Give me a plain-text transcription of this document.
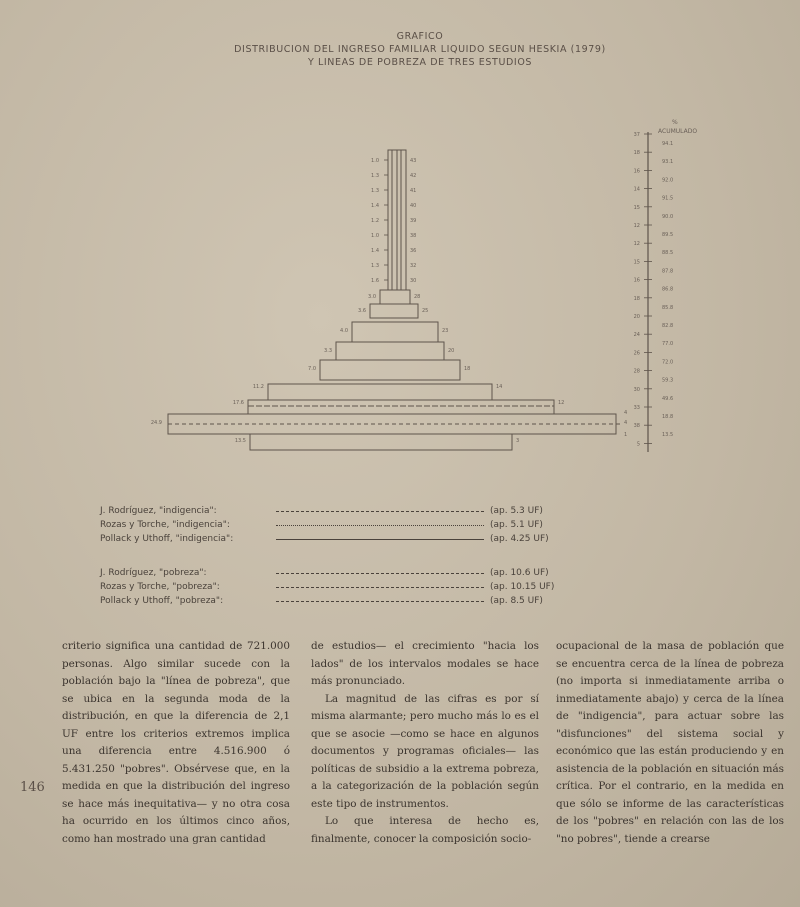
GRAFICO
DISTRIBUCION DEL INGRESO FAMILIAR LIQUIDO SEGUN HESKIA (1979)
Y LINEAS DE POBREZA DE TRES ESTUDIOS
1.0
1.3
1.3
1.4
1.2
1.0
1.4
1.3
1.6
3.0
3.6
4.0
3.3
7.0
11.2
17.6
24.9
13.5
43
42
41
40
39
38
36
32
30
28
25
23
20
18
14
12
4
3
4
1
%
ACUMULADO
37
18
16
14
15
12
12
15
16
18
20
24
26
28
30
33
38
5
94.1
93.1
92.0
91.5
90.0
89.5
88.5
87.8
86.8
85.8
82.8
77.0
72.0
59.3
49.6
18.8
13.5
J. Rodríguez, "indigencia":	(ap. 5.3 UF)
Rozas y Torche, "indigencia":	(ap. 5.1 UF)
Pollack y Uthoff, "indigencia":	(ap. 4.25 UF)
J. Rodríguez, "pobreza":	(ap. 10.6 UF)
Rozas y Torche, "pobreza":	(ap. 10.15 UF)
Pollack y Uthoff, "pobreza":	(ap. 8.5 UF)

criterio significa una cantidad de 721.000 personas. Algo similar sucede con la población bajo la "línea de pobreza", que se ubica en la segunda moda de la distribución, en que la diferencia de 2,1 UF entre los criterios extremos implica una diferencia entre 4.516.900 ó 5.431.250 "pobres". Obsérvese que, en la medida en que la distribución del ingreso se hace más inequitativa— y no otra cosa ha ocurrido en los últimos cinco años, como han mostrado una gran cantidad

de estudios— el crecimiento "hacia los lados" de los intervalos modales se hace más pronunciado.

La magnitud de las cifras es por sí misma alarmante; pero mucho más lo es el que se asocie —como se hace en algunos documentos y programas oficiales— las políticas de subsidio a la extrema pobreza, a la categorización de la población según este tipo de instrumentos.

Lo que interesa de hecho es, finalmente, conocer la composición socio-

ocupacional de la masa de población que se encuentra cerca de la línea de pobreza (no importa si inmediatamente arriba o inmediatamente abajo) y cerca de la línea de "indigencia", para actuar sobre las "disfunciones" del sistema social y económico que las están produciendo y en asistencia de la población en situación más crítica. Por el contrario, en la medida en que sólo se informe de las características de los "pobres" en relación con las de los "no pobres", tiende a crearse

146
